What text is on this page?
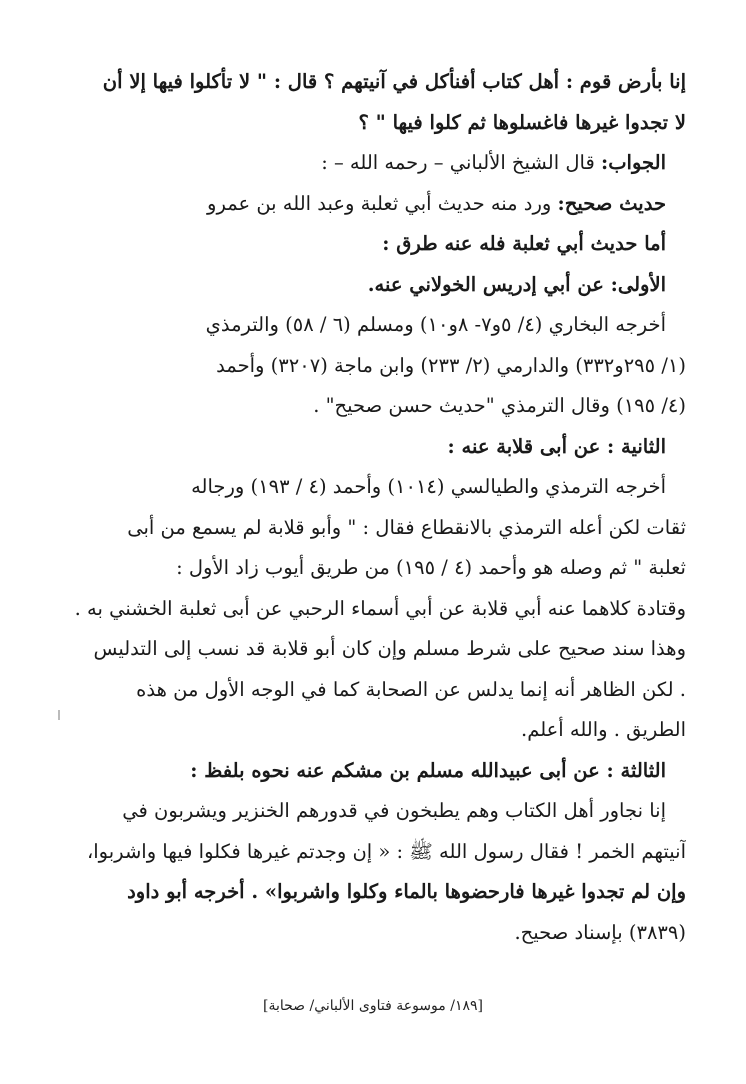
إنا بأرض قوم : أهل كتاب أفنأكل في آنيتهم ؟ قال : " لا تأكلوا فيها إلا أن
لا تجدوا غيرها فاغسلوها ثم كلوا فيها " ؟
الجواب: قال الشيخ الألباني – رحمه الله – :
حديث صحيح: ورد منه حديث أبي ثعلبة وعبد الله بن عمرو
أما حديث أبي ثعلبة فله عنه طرق :
الأولى: عن أبي إدريس الخولاني عنه.
أخرجه البخاري (٤/ ٥و٧- ٨و١٠) ومسلم (٦ / ٥٨) والترمذي
(١/ ٢٩٥و٣٣٢) والدارمي (٢/ ٢٣٣) وابن ماجة (٣٢٠٧) وأحمد
(٤/ ١٩٥) وقال الترمذي "حديث حسن صحيح" .
الثانية : عن أبى قلابة عنه :
أخرجه الترمذي والطيالسي (١٠١٤) وأحمد (٤ / ١٩٣) ورجاله
ثقات لكن أعله الترمذي بالانقطاع فقال : " وأبو قلابة لم يسمع من أبى
ثعلبة " ثم وصله هو وأحمد (٤ / ١٩٥) من طريق أيوب زاد الأول :
وقتادة كلاهما عنه أبي قلابة عن أبي أسماء الرحبي عن أبى ثعلبة الخشني به .
وهذا سند صحيح على شرط مسلم وإن كان أبو قلابة قد نسب إلى التدليس
. لكن الظاهر أنه إنما يدلس عن الصحابة كما في الوجه الأول من هذه
الطريق . والله أعلم.
الثالثة : عن أبى عبيدالله مسلم بن مشكم عنه نحوه بلفظ :
إنا نجاور أهل الكتاب وهم يطبخون في قدورهم الخنزير ويشربون في
آنيتهم الخمر ! فقال رسول الله ﷺ : « إن وجدتم غيرها فكلوا فيها واشربوا،
وإن لم تجدوا غيرها فارحضوها بالماء وكلوا واشربوا» . أخرجه أبو داود
(٣٨٣٩) بإسناد صحيح.
[١٨٩/ موسوعة فتاوى الألباني/ صحابة]
